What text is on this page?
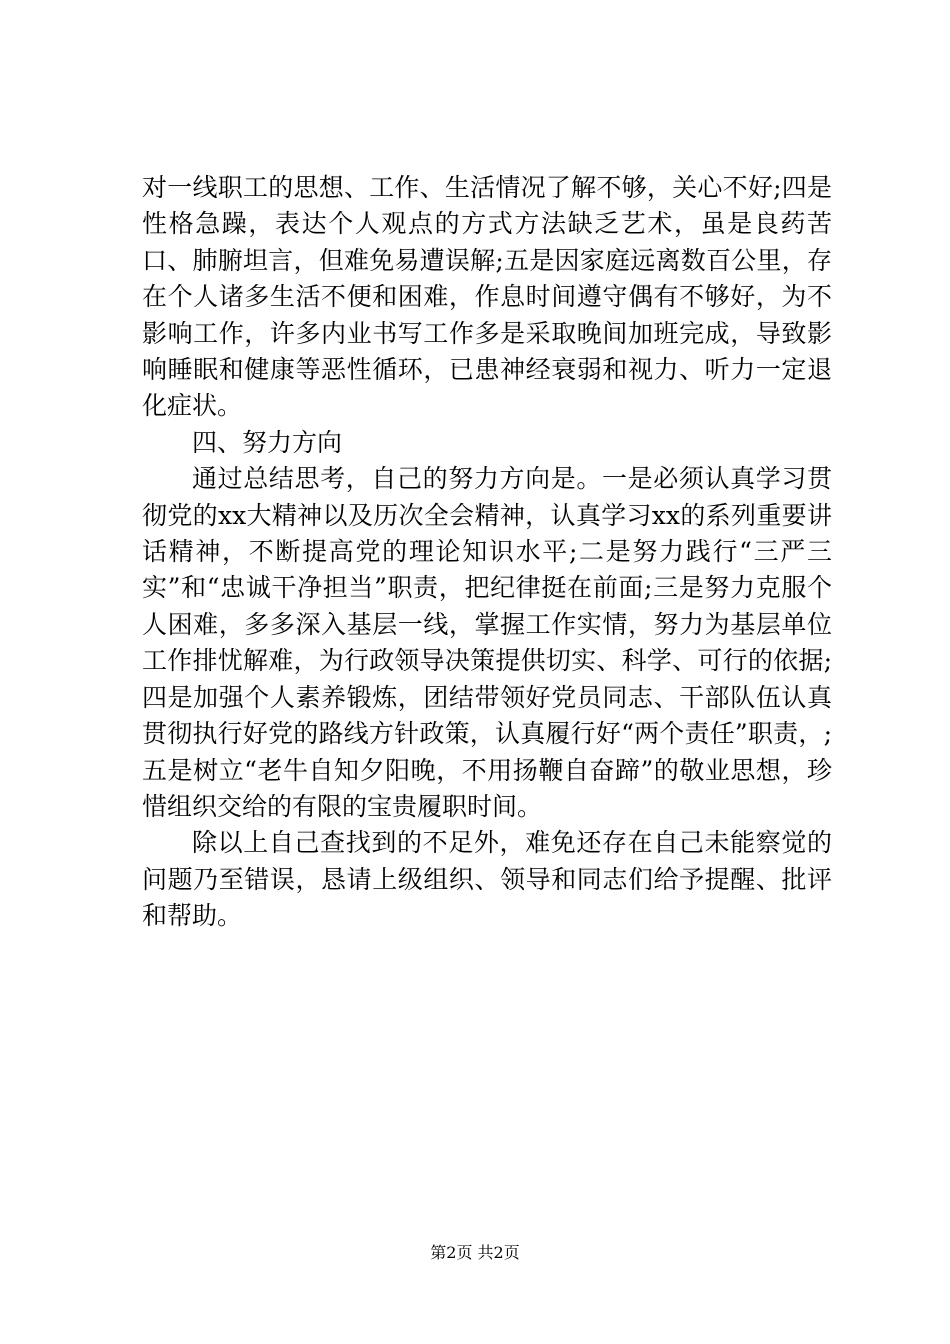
对一线职工的思想、工作、生活情况了解不够，关心不好;四是性格急躁，表达个人观点的方式方法缺乏艺术，虽是良药苦口、肺腑坦言，但难免易遭误解;五是因家庭远离数百公里，存在个人诸多生活不便和困难，作息时间遵守偶有不够好，为不影响工作，许多内业书写工作多是采取晚间加班完成，导致影响睡眠和健康等恶性循环，已患神经衰弱和视力、听力一定退化症状。

四、努力方向

通过总结思考，自己的努力方向是。一是必须认真学习贯彻党的xx大精神以及历次全会精神，认真学习xx的系列重要讲话精神，不断提高党的理论知识水平;二是努力践行“三严三实”和“忠诚干净担当”职责，把纪律挺在前面;三是努力克服个人困难，多多深入基层一线，掌握工作实情，努力为基层单位工作排忧解难，为行政领导决策提供切实、科学、可行的依据;四是加强个人素养锻炼，团结带领好党员同志、干部队伍认真贯彻执行好党的路线方针政策，认真履行好“两个责任”职责，;五是树立“老牛自知夕阳晚，不用扬鞭自奋蹄”的敬业思想，珍惜组织交给的有限的宝贵履职时间。

除以上自己查找到的不足外，难免还存在自己未能察觉的问题乃至错误，恳请上级组织、领导和同志们给予提醒、批评和帮助。

第2页 共2页
